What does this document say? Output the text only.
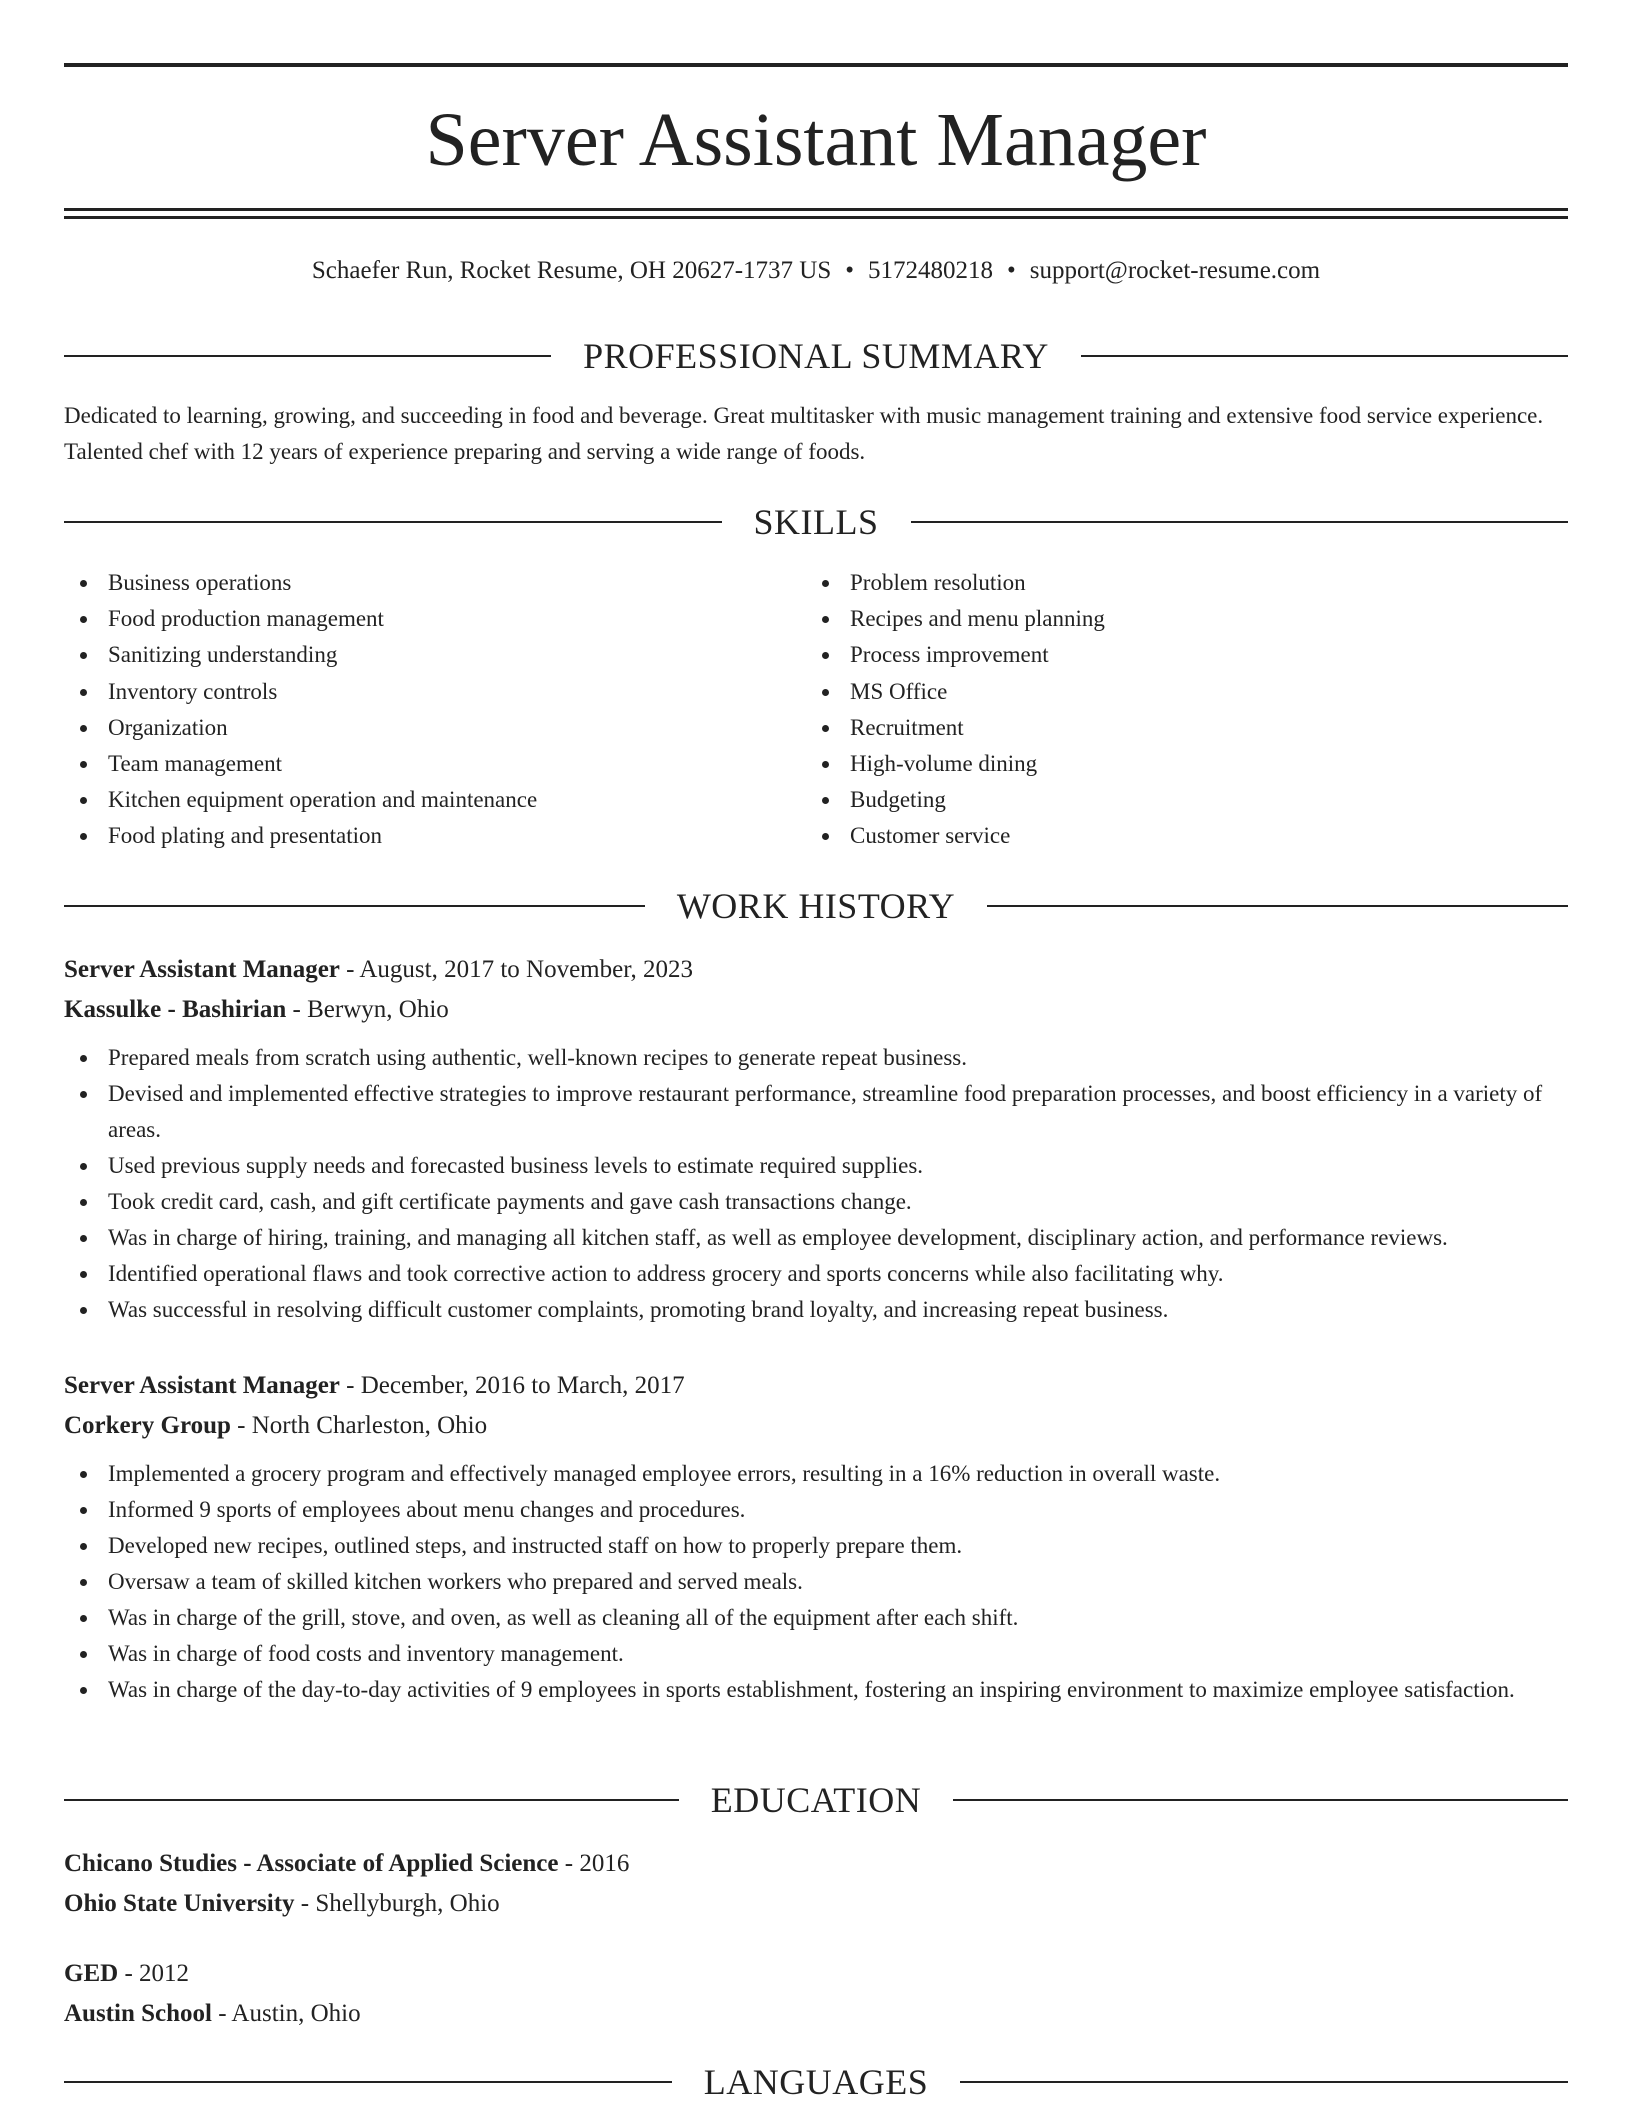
Server Assistant Manager
Schaefer Run, Rocket Resume, OH 20627-1737 US • 5172480218 • support@rocket-resume.com
PROFESSIONAL SUMMARY

Dedicated to learning, growing, and succeeding in food and beverage. Great multitasker with music management training and extensive food service experience. Talented chef with 12 years of experience preparing and serving a wide range of foods.

SKILLS
Business operations
Food production management
Sanitizing understanding
Inventory controls
Organization
Team management
Kitchen equipment operation and maintenance
Food plating and presentation
Problem resolution
Recipes and menu planning
Process improvement
MS Office
Recruitment
High-volume dining
Budgeting
Customer service
WORK HISTORY
Server Assistant Manager - August, 2017 to November, 2023
Kassulke - Bashirian - Berwyn, Ohio
Prepared meals from scratch using authentic, well-known recipes to generate repeat business.
Devised and implemented effective strategies to improve restaurant performance, streamline food preparation processes, and boost efficiency in a variety of areas.
Used previous supply needs and forecasted business levels to estimate required supplies.
Took credit card, cash, and gift certificate payments and gave cash transactions change.
Was in charge of hiring, training, and managing all kitchen staff, as well as employee development, disciplinary action, and performance reviews.
Identified operational flaws and took corrective action to address grocery and sports concerns while also facilitating why.
Was successful in resolving difficult customer complaints, promoting brand loyalty, and increasing repeat business.
Server Assistant Manager - December, 2016 to March, 2017
Corkery Group - North Charleston, Ohio
Implemented a grocery program and effectively managed employee errors, resulting in a 16% reduction in overall waste.
Informed 9 sports of employees about menu changes and procedures.
Developed new recipes, outlined steps, and instructed staff on how to properly prepare them.
Oversaw a team of skilled kitchen workers who prepared and served meals.
Was in charge of the grill, stove, and oven, as well as cleaning all of the equipment after each shift.
Was in charge of food costs and inventory management.
Was in charge of the day-to-day activities of 9 employees in sports establishment, fostering an inspiring environment to maximize employee satisfaction.
EDUCATION
Chicano Studies - Associate of Applied Science - 2016
Ohio State University - Shellyburgh, Ohio
GED - 2012
Austin School - Austin, Ohio
LANGUAGES
